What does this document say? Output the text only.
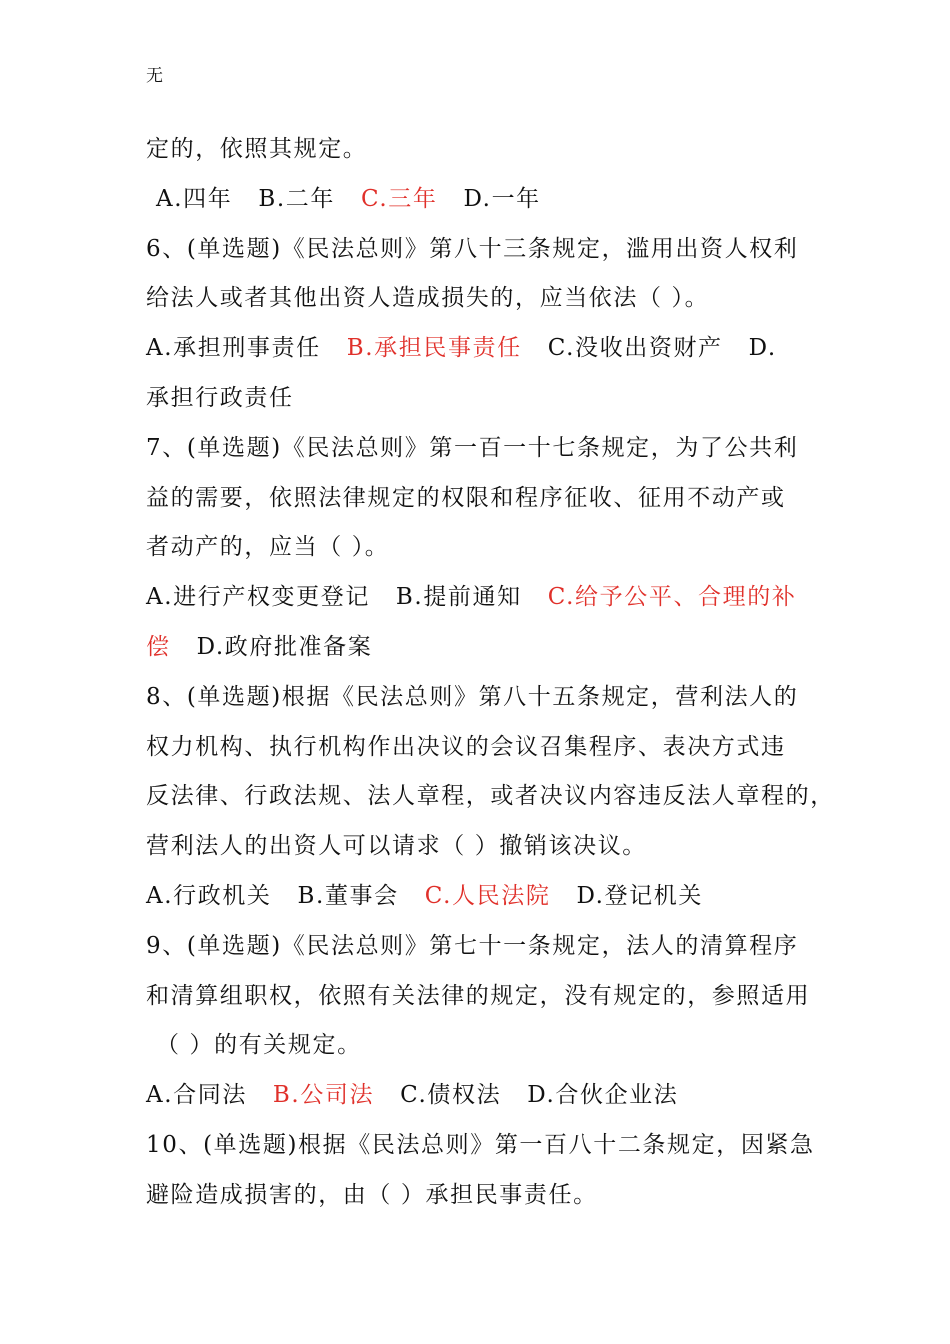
无
定的，依照其规定。
A.四年 B.二年 C.三年 D.一年
6、(单选题)《民法总则》第八十三条规定，滥用出资人权利
给法人或者其他出资人造成损失的，应当依法（ ）。
A.承担刑事责任 B.承担民事责任 C.没收出资财产 D.
承担行政责任
7、(单选题)《民法总则》第一百一十七条规定，为了公共利
益的需要，依照法律规定的权限和程序征收、征用不动产或
者动产的，应当（ ）。
A.进行产权变更登记 B.提前通知 C.给予公平、合理的补
偿 D.政府批准备案
8、(单选题)根据《民法总则》第八十五条规定，营利法人的
权力机构、执行机构作出决议的会议召集程序、表决方式违
反法律、行政法规、法人章程，或者决议内容违反法人章程的，
营利法人的出资人可以请求（ ）撤销该决议。
A.行政机关 B.董事会 C.人民法院 D.登记机关
9、(单选题)《民法总则》第七十一条规定，法人的清算程序
和清算组职权，依照有关法律的规定，没有规定的，参照适用
（ ）的有关规定。
A.合同法 B.公司法 C.债权法 D.合伙企业法
10、(单选题)根据《民法总则》第一百八十二条规定，因紧急
避险造成损害的，由（ ）承担民事责任。
